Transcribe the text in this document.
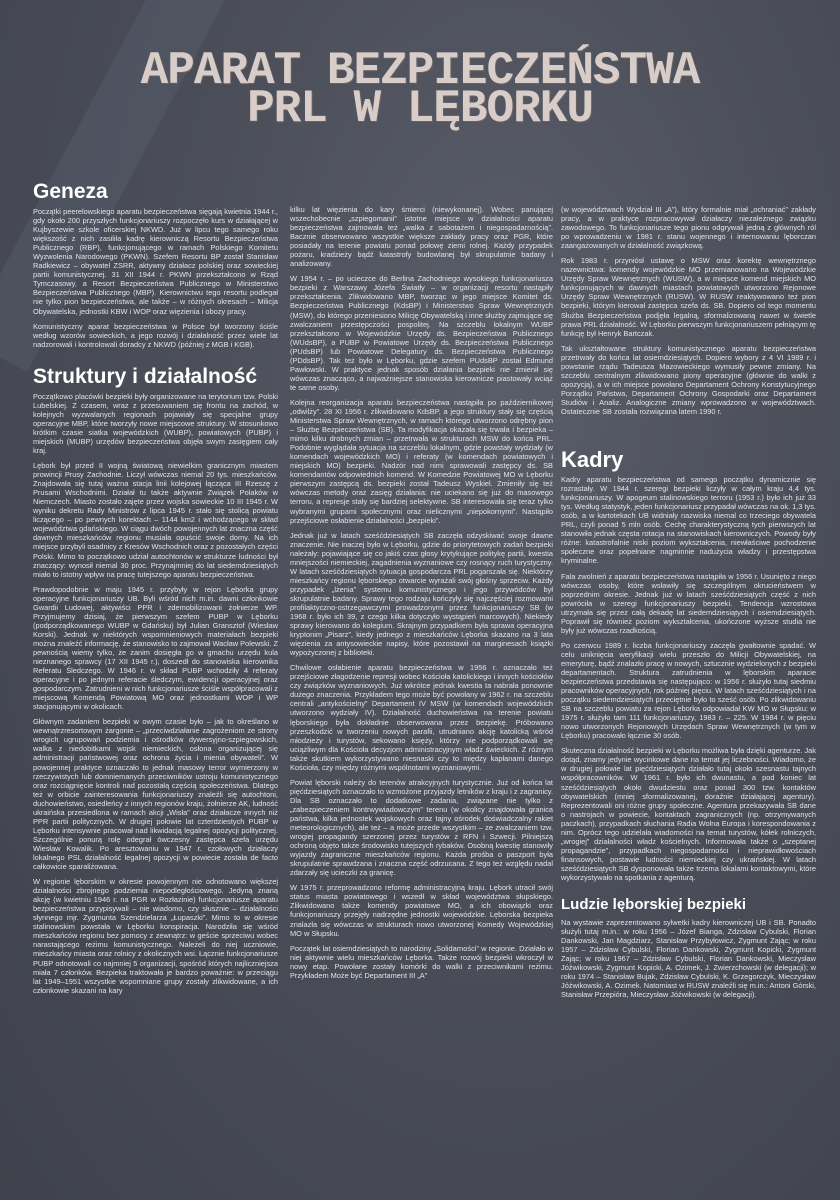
APARAT BEZPIECZEŃSTWA
PRL W LĘBORKU
Geneza

Początki peerelowskiego aparatu bezpieczeństwa sięgają kwietnia 1944 r., gdy około 200 przyszłych funkcjonariuszy rozpoczęło kurs w działającej w Kujbyszewie szkole oficerskiej NKWD. Już w lipcu tego samego roku większość z nich zasiliła kadrę kierowniczą Resortu Bezpieczeństwa Publicznego (RBP), funkcjonującego w ramach Polskiego Komitetu Wyzwolenia Narodowego (PKWN). Szefem Resortu BP został Stanisław Radkiewicz – obywatel ZSRR, aktywny działacz polskiej oraz sowieckiej partii komunistycznej. 31 XII 1944 r. PKWN przekształcono w Rząd Tymczasowy, a Resort Bezpieczeństwa Publicznego w Ministerstwo Bezpieczeństwa Publicznego (MBP). Kierownictwu tego resortu podlegał nie tylko pion bezpieczeństwa, ale także – w różnych okresach – Milicja Obywatelska, jednostki KBW i WOP oraz więzienia i obozy pracy.

Komunistyczny aparat bezpieczeństwa w Polsce był tworzony ściśle według wzorów sowieckich, a jego rozwój i działalność przez wiele lat nadzorowali i kontrolowali doradcy z NKWD (później z MGB i KGB).

Struktury i działalność

Początkowo placówki bezpieki były organizowane na terytorium tzw. Polski Lubelskiej. Z czasem, wraz z przesuwaniem się frontu na zachód, w kolejnych wyzwalanych regionach pojawiały się specjalne grupy operacyjne MBP, które tworzyły nowe miejscowe struktury. W stosunkowo krótkim czasie siatka wojewódzkich (WUBP), powiatowych (PUBP) i miejskich (MUBP) urzędów bezpieczeństwa objęła swym zasięgiem cały kraj.

Lębork był przed II wojną światową niewielkim granicznym miastem prowincji Prusy Zachodnie. Liczył wówczas niemal 20 tys. mieszkańców. Znajdowała się tutaj ważna stacja linii kolejowej łącząca III Rzeszę z Prusami Wschodnimi. Działał tu także aktywnie Związek Polaków w Niemczech. Miasto zostało zajęte przez wojska sowieckie 10 III 1945 r. W wyniku dekretu Rady Ministrów z lipca 1945 r. stało się stolicą powiatu liczącego – po pewnych korektach – 1144 km2 i wchodzącego w skład województwa gdańskiego. W ciągu dwóch powojennych lat znaczna część dawnych mieszkańców regionu musiała opuścić swoje domy. Na ich miejsce przybyli osadnicy z Kresów Wschodnich oraz z pozostałych części Polski. Mimo to początkowo udział autochtonów w strukturze ludności był znaczący: wynosił niemal 30 proc. Przynajmniej do lat siedemdziesiątych miało to istotny wpływ na pracę tutejszego aparatu bezpieczeństwa.

Prawdopodobnie w maju 1945 r. przybyły w rejon Lęborka grupy operacyjne funkcjonariuszy UB. Byli wśród nich m.in. dawni członkowie Gwardii Ludowej, aktywiści PPR i zdemobilizowani żołnierze WP. Przyjmujemy dzisiaj, że pierwszym szefem PUBP w Lęborku (podporządkowanego WUBP w Gdańsku) był Julian Gransztof (Wiesław Korski). Jednak w niektórych wspomnieniowych materiałach bezpieki można znaleźć informację, że stanowisko to zajmował Wacław Polewski. Z pewnością wiemy tylko, że zanim dosięgła go w gmachu urzędu kula nieznanego sprawcy (17 XII 1945 r.), doszedł do stanowiska kierownika Referatu Śledczego. W 1946 r. w skład PUBP wchodziły 4 referaty operacyjne i po jednym referacie śledczym, ewidencji operacyjnej oraz gospodarczym. Zatrudnieni w nich funkcjonariusze ściśle współpracowali z miejscową Komendą Powiatową MO oraz jednostkami WOP i WP stacjonującymi w okolicach.

Głównym zadaniem bezpieki w owym czasie było – jak to określano w wewnątrzresortowym żargonie – „przeciwdziałanie zagrożeniom ze strony wrogich ugrupowań podziemia i ośrodków dywersyjno-szpiegowskich, walka z niedobitkami wojsk niemieckich, osłona organizującej się administracji państwowej oraz ochrona życia i mienia obywateli”. W powojennej praktyce oznaczało to jednak masowy terror wymierzony w rzeczywistych lub domniemanych przeciwników ustroju komunistycznego oraz rozciągnięcie kontroli nad pozostałą częścią społeczeństwa. Dlatego też w orbicie zainteresowania funkcjonariuszy znaleźli się autochtoni, duchowieństwo, osiedleńcy z innych regionów kraju, żołnierze AK, ludność ukraińska przesiedlona w ramach akcji „Wisła” oraz działacze innych niż PPR partii politycznych. W drugiej połowie lat czterdziestych PUBP w Lęborku intensywnie pracował nad likwidacją legalnej opozycji politycznej. Szczególnie ponurą rolę odegrał ówczesny zastępca szefa urzędu Wiesław Kowalik. Po aresztowaniu w 1947 r. czołowych działaczy lokalnego PSL działalność legalnej opozycji w powiecie została de facto całkowicie sparaliżowana.

W regionie lęborskim w okresie powojennym nie odnotowano większej działalności zbrojnego podziemia niepodległościowego. Jedyną znaną akcję (w kwietniu 1946 r. na PGR w Rozłazinie) funkcjonariusze aparatu bezpieczeństwa przypisywali – nie wiadomo, czy słusznie – działalności słynnego mjr. Zygmunta Szendzielarza „Łupaszki”. Mimo to w okresie stalinowskim powstała w Lęborku konspiracja. Narodziła się wśród mieszkańców regionu bez pomocy z zewnątrz: w geście sprzeciwu wobec narastającego reżimu komunistycznego. Należeli do niej uczniowie, mieszkańcy miasta oraz rolnicy z okolicznych wsi. Łącznie funkcjonariusze PUBP odnotowali co najmniej 5 organizacji, spośród których najliczniejsza miała 7 członków. Bezpieka traktowała je bardzo poważnie: w przeciągu lat 1949–1951 wszystkie wspomniane grupy zostały zlikwidowane, a ich członkowie skazani na kary

kilku lat więzienia do kary śmierci (niewykonanej). Wobec panującej wszechobecnie „szpiegomanii” istotne miejsce w działalności aparatu bezpieczeństwa zajmowała też „walka z sabotażem i niegospodarnością”. Bacznie obserwowano wszystkie większe zakłady pracy oraz PGR, które posiadały na terenie powiatu ponad połowę ziemi rolnej. Każdy przypadek pożaru, kradzieży bądź katastrofy budowlanej był skrupulatnie badany i analizowany.

W 1954 r. – po ucieczce do Berlina Zachodniego wysokiego funkcjonariusza bezpieki z Warszawy Józefa Światły – w organizacji resortu nastąpiły przekształcenia. Zlikwidowano MBP, tworząc w jego miejsce Komitet ds. Bezpieczeństwa Publicznego (KdsBP) i Ministerstwo Spraw Wewnętrznych (MSW), do którego przeniesiono Milicję Obywatelską i inne służby zajmujące się zwalczaniem przestępczości pospolitej. Na szczeblu lokalnym WUBP przekształcono w Wojewódzkie Urzędy ds. Bezpieczeństwa Publicznego (WUdsBP), a PUBP w Powiatowe Urzędy ds. Bezpieczeństwa Publicznego (PUdsBP) lub Powiatowe Delegatury ds. Bezpieczeństwa Publicznego (PDdsBP). Tak też było w Lęborku, gdzie szefem PUdsBP został Edmund Pawłowski. W praktyce jednak sposób działania bezpieki nie zmienił się wówczas znacząco, a najważniejsze stanowiska kierownicze piastowały wciąż te same osoby.

Kolejna reorganizacja aparatu bezpieczeństwa nastąpiła po październikowej „odwilży”. 28 XI 1956 r. zlikwidowano KdsBP, a jego struktury stały się częścią Ministerstwa Spraw Wewnętrznych, w ramach którego utworzono odrębny pion – Służbę Bezpieczeństwa (SB). Ta modyfikacja okazała się trwała i bezpieka – mimo kilku drobnych zmian – przetrwała w strukturach MSW do końca PRL. Podobnie wyglądała sytuacja na szczeblu lokalnym, gdzie powstały wydziały (w komendach wojewódzkich MO) i referaty (w komendach powiatowych i miejskich MO) bezpieki. Nadzór nad nimi sprawowali zastępcy ds. SB komendantów odpowiednich komend. W Komedzie Powiatowej MO w Lęborku pierwszym zastępcą ds. bezpieki został Tadeusz Wyskiel. Zmieniły się też wówczas metody oraz zasięg działania: nie uciekano się już do masowego terroru, a represje stały się bardziej selektywne. SB interesowała się teraz tylko wybranymi grupami społecznymi oraz nielicznymi „niepokornymi”. Nastąpiło przejściowe osłabienie działalności „bezpieki”.

Jednak już w latach sześćdziesiątych SB zaczęła odzyskiwać swoje dawne znaczenie. Nie inaczej było w Lęborku, gdzie do priorytetowych zadań bezpieki należały: pojawiające się co jakiś czas głosy krytykujące politykę partii, kwestia mniejszości niemieckiej, zagadnienia wyznaniowe czy rosnący ruch turystyczny. W latach sześćdziesiątych sytuacja gospodarcza PRL pogarszała się. Niektórzy mieszkańcy regionu lęborskiego otwarcie wyrażali swój głośny sprzeciw. Każdy przypadek „lżenia” systemu komunistycznego i jego przywódców był skrupulatnie badany. Sprawy tego rodzaju kończyły się najczęściej rozmowami profilaktyczno-ostrzegawczymi prowadzonymi przez funkcjonariuszy SB (w 1968 r. było ich 39, z czego kilka dotyczyło wystąpień marcowych). Niekiedy sprawy kierowano do kolegium. Skrajnym przypadkiem była sprawa operacyjna kryptonim „Pisarz”, kiedy jednego z mieszkańców Lęborka skazano na 3 lata więzienia za antysowieckie napisy, które pozostawił na marginesach książki wypożyczonej z biblioteki.

Chwilowe osłabienie aparatu bezpieczeństwa w 1956 r. oznaczało też przejściowe złagodzenie represji wobec Kościoła katolickiego i innych kościołów czy związków wyznaniowych. Już wkrótce jednak kwestia ta nabrała ponownie dużego znaczenia. Przykładem tego może być powołany w 1962 r. na szczeblu centrali „antykościelny” Departament IV MSW (w komendach wojewódzkich utworzono wydziały IV). Działalność duchowieństwa na terenie powiatu lęborskiego była dokładnie obserwowana przez bezpiekę. Próbowano przeszkodzić w tworzeniu nowych parafii, utrudniano akcję katolicką wśród młodzieży i turystów, sekowano księży, którzy nie podporządkowali się uciążliwym dla Kościoła decyzjom administracyjnym władz świeckich. Z różnym także skutkiem wykorzystywano niesnaski czy to między kapłanami danego Kościoła, czy między różnymi wspólnotami wyznaniowymi.

Powiat lęborski należy do terenów atrakcyjnych turystycznie. Już od końca lat pięćdziesiątych oznaczało to wzmożone przyjazdy letników z kraju i z zagranicy. Dla SB oznaczało to dodatkowe zadania, związane nie tylko z „zabezpieczeniem kontrwywiadowczym” terenu (w okolicy znajdowała granica państwa, kilka jednostek wojskowych oraz tajny ośrodek doświadczalny rakiet meteorologicznych), ale też – a może przede wszystkim – ze zwalczaniem tzw. wrogiej propagandy szerzonej przez turystów z RFN i Szwecji. Pilniejszą ochroną objęto także środowisko tutejszych rybaków. Osobną kwestię stanowiły wyjazdy zagraniczne mieszkańców regionu. Każda prośba o paszport była skrupulatnie sprawdzana i znaczna część odrzucana. Z tego też względu nadal zdarzały się ucieczki za granicę.

W 1975 r. przeprowadzono reformę administracyjną kraju. Lębork utracił swój status miasta powiatowego i wszedł w skład województwa słupskiego. Zlikwidowano także komendy powiatowe MO, a ich obowiązki oraz funkcjonariuszy przejęły nadrzędne jednostki wojewódzkie. Lęborska bezpieka znalazła się wówczas w strukturach nowo utworzonej Komedy Wojewódzkiej MO w Słupsku.

Początek lat osiemdziesiątych to narodziny „Solidarności” w regionie. Działało w niej aktywnie wielu mieszkańców Lęborka. Także rozwój bezpieki wkroczył w nowy etap. Powołane zostały komórki do walki z przeciwnikami reżimu. Przykładem Może być Departament III „A”

(w województwach Wydział III „A”), który formalnie miał „ochraniać” zakłady pracy, a w praktyce rozpracowywał działaczy niezależnego związku zawodowego. To funkcjonariusze tego pionu odgrywali jedną z głównych ról po wprowadzeniu w 1981 r. stanu wojennego i internowaniu lęborczan zaangażowanych w działalność związkową.

Rok 1983 r. przyniósł ustawę o MSW oraz korektę wewnętrznego nazewnictwa: komendy wojewódzkie MO przemianowano na Wojewódzkie Urzędy Spraw Wewnętrznych (WUSW), a w miejsce komend miejskich MO funkcjonujących w dawnych miastach powiatowych utworzono Rejonowe Urzędy Spraw Wewnętrznych (RUSW). W RUSW reaktywowano też pion bezpieki, którym kierował zastępca szefa ds. SB. Dopiero od tego momentu Służba Bezpieczeństwa podjęła legalną, sformalizowaną nawet w świetle prawa PRL działalność. W Lęborku pierwszym funkcjonariuszem pełniącym tę funkcję był Henryk Bartczak.

Tak ukształtowane struktury komunistycznego aparatu bezpieczeństwa przetrwały do końca lat osiemdziesiątych. Dopiero wybory z 4 VI 1989 r. i powstanie rządu Tadeusza Mazowieckiego wymusiły pewne zmiany. Na szczeblu centralnym zlikwidowano piony operacyjne (głównie do walki z opozycją), a w ich miejsce powołano Departament Ochrony Konstytucyjnego Porządku Państwa, Departament Ochrony Gospodarki oraz Departament Studiów i Analiz. Analogiczne zmiany wprowadzono w województwach. Ostatecznie SB została rozwiązana latem 1990 r.

Kadry

Kadry aparatu bezpieczeństwa od samego początku dynamicznie się rozrastały. W 1944 r. szeregi bezpieki liczyły w całym kraju 4,4 tys. funkcjonariuszy. W apogeum stalinowskiego terroru (1953 r.) było ich już 33 tys. Według statystyk, jeden funkcjonariusz przypadał wówczas na ok. 1,3 tys. osób, a w kartotekach UB widniały nazwiska niemal co trzeciego obywatela PRL, czyli ponad 5 mln osób. Cechę charakterystyczną tych pierwszych lat stanowiła jednak częsta rotacja na stanowiskach kierowniczych. Powody były różne: katastrofalnie niski poziom wykształcenia, niewłaściwe pochodzenie społeczne oraz popełniane nagminnie nadużycia władzy i przestępstwa kryminalne.

Fala zwolnień z aparatu bezpieczeństwa nastąpiła w 1956 r. Usunięto z niego wówczas osoby, które wsławiły się szczególnym okrucieństwem w poprzednim okresie. Jednak już w latach sześćdziesiątych część z nich powróciła w szeregi funkcjonariuszy bezpieki. Tendencja wzrostowa utrzymała się przez całą dekadę lat siedemdziesiątych i osiemdziesiątych. Poprawił się również poziom wykształcenia, ukończone wyższe studia nie były już wówczas rzadkością.

Po czerwcu 1989 r. liczba funkcjonariuszy zaczęła gwałtownie spadać. W celu uniknięcia weryfikacji wielu przeszło do Milicji Obywatelskiej, na emeryturę, bądź znalazło pracę w nowych, sztucznie wydzielonych z bezpieki departamentach. Struktura zatrudnienia w lęborskim aparacie bezpieczeństwa przedstawia się następująco: w 1956 r. służyło tutaj siedmiu pracowników operacyjnych, rok później pięciu. W latach sześćdziesiątych i na początku siedemdziesiątych przeciętnie było to sześć osób. Po zlikwidowaniu SB na szczeblu powiatu za rejon Lęborka odpowiadał KW MO w Słupsku: w 1975 r. służyło tam 111 funkcjonariuszy, 1983 r. – 225. W 1984 r. w pięciu nowo utworzonych Rejonowych Urzędach Spraw Wewnętrznych (w tym w Lęborku) pracowało łącznie 30 osób.

Skuteczna działalność bezpieki w Lęborku możliwa była dzięki agenturze. Jak dotąd, znamy jedynie wycinkowe dane na temat jej liczebności. Wiadomo, że w drugiej połowie lat pięćdziesiątych działało tutaj około szesnastu tajnych współpracowników. W 1961 r. było ich dwunastu, a pod koniec lat sześćdziesiątych około dwudziestu oraz ponad 300 tzw. kontaktów obywatelskich (mniej sformalizowanej, doraźnie działającej agentury). Reprezentowali oni różne grupy społeczne. Agentura przekazywała SB dane o nastrojach w powiecie, kontaktach zagranicznych (np. otrzymywanych paczkach), przypadkach słuchania Radia Wolna Europa i korespondowania z nim. Oprócz tego udzielała wiadomości na temat turystów, kółek rolniczych, „wrogiej” działalności władz kościelnych. Informowała także o „szeptanej propagandzie”, przypadkach niegospodarności i nieprawidłowościach finansowych, postawie ludności niemieckiej czy ukraińskiej. W latach sześćdziesiątych SB dysponowała także trzema lokalami kontaktowymi, które wykorzystywało na spotkania z agenturą.

Ludzie lęborskiej bezpieki

Na wystawie zaprezentowano sylwetki kadry kierowniczej UB i SB. Ponadto służyli tutaj m.in.: w roku 1956 – Józef Bianga, Zdzisław Cybulski, Florian Dankowski, Jan Magdziarz, Stanisław Przybyłowicz, Zygmunt Zając; w roku 1957 – Zdzisław Cybulski, Florian Dankowski, Zygmunt Kopicki, Zygmunt Zając; w roku 1967 – Zdzisław Cybulski, Florian Dankowski, Mieczysław Jóźwikowski, Zygmunt Kopicki, A. Ozimek, J. Zwierzchowski (w delegacji); w roku 1974 – Stanisław Bujak, Zdzisław Cybulski, K. Grzegorczyk, Mieczysław Jóźwikowski, A. Ozimek. Natomiast w RUSW znaleźli się m.in.: Antoni Górski, Stanisław Przepióra, Mieczysław Jóźwikowski (w delegacji).
